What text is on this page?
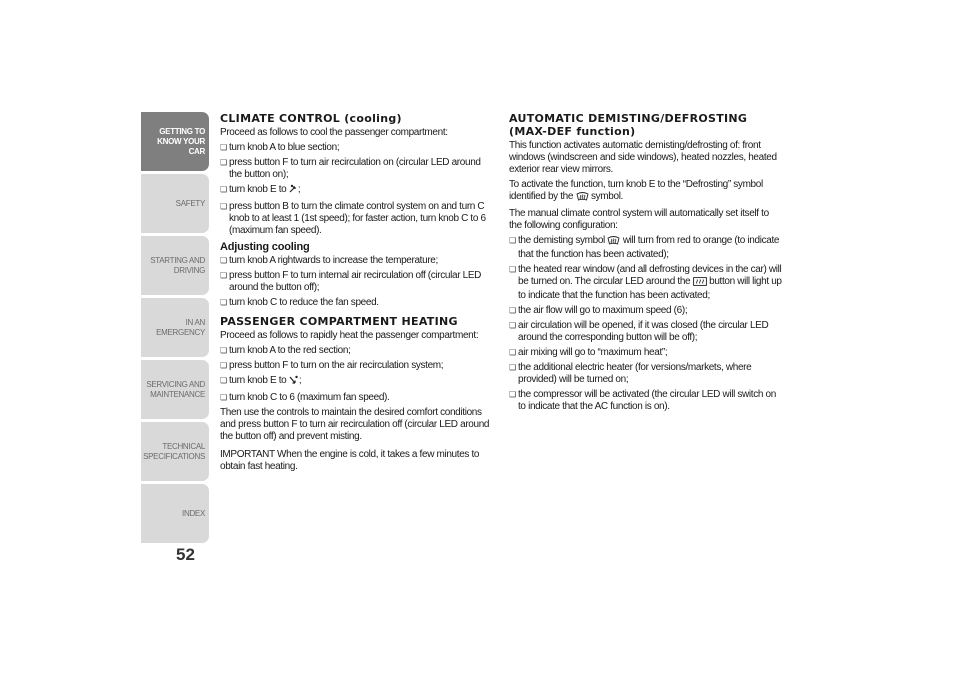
GETTING TO
KNOW YOUR CAR
SAFETY
STARTING AND
DRIVING
IN AN EMERGENCY
SERVICING AND
MAINTENANCE
TECHNICAL
SPECIFICATIONS
INDEX
52
CLIMATE CONTROL (cooling)

Proceed as follows to cool the passenger compartment:

❏ turn knob A to blue section;
❏ press button F to turn air recirculation on (circular LED around the button on);
❏ turn knob E to ;
❏ press button B to turn the climate control system on and turn C knob to at least 1 (1st speed); for faster action, turn knob C to 6 (maximum fan speed).
Adjusting cooling
❏ turn knob A rightwards to increase the temperature;
❏ press button F to turn internal air recirculation off (circular LED around the button off);
❏ turn knob C to reduce the fan speed.
PASSENGER COMPARTMENT HEATING

Proceed as follows to rapidly heat the passenger compartment:

❏ turn knob A to the red section;
❏ press button F to turn on the air recirculation system;
❏ turn knob E to ;
❏ turn knob C to 6 (maximum fan speed).

Then use the controls to maintain the desired comfort conditions and press button F to turn air recirculation off (circular LED around the button off) and prevent misting.

IMPORTANT When the engine is cold, it takes a few minutes to obtain fast heating.

AUTOMATIC DEMISTING/DEFROSTING
(MAX-DEF function)

This function activates automatic demisting/defrosting of: front windows (windscreen and side windows), heated nozzles, heated exterior rear view mirrors.

To activate the function, turn knob E to the “Defrosting” symbol identified by the symbol.

The manual climate control system will automatically set itself to the following configuration:

❏ the demisting symbol will turn from red to orange (to indicate that the function has been activated);
❏ the heated rear window (and all defrosting devices in the car) will be turned on. The circular LED around the button will light up to indicate that the function has been activated;
❏ the air flow will go to maximum speed (6);
❏ air circulation will be opened, if it was closed (the circular LED around the corresponding button will be off);
❏ air mixing will go to “maximum heat”;
❏ the additional electric heater (for versions/markets, where provided) will be turned on;
❏ the compressor will be activated (the circular LED will switch on to indicate that the AC function is on).
